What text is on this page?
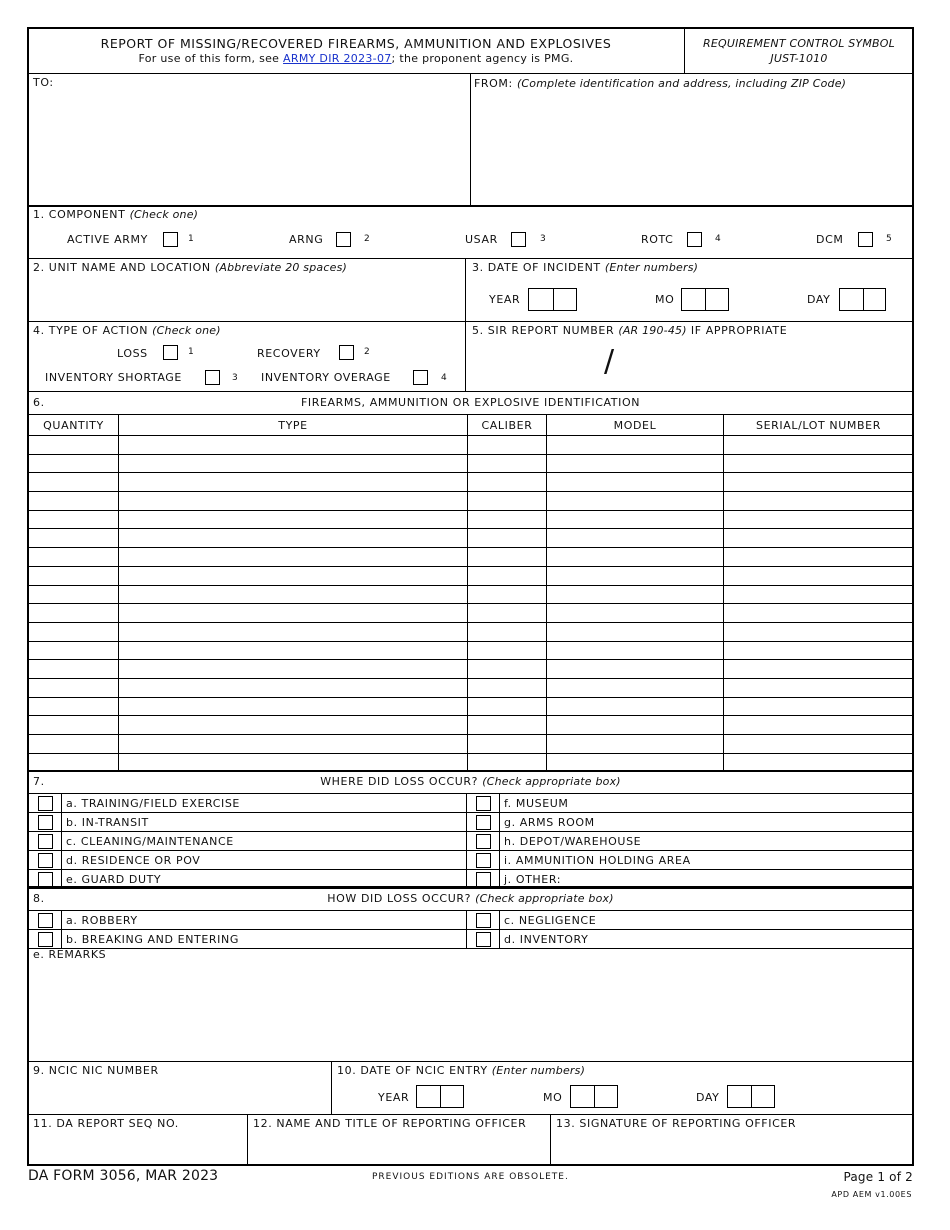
REPORT OF MISSING/RECOVERED FIREARMS, AMMUNITION AND EXPLOSIVES
For use of this form, see ARMY DIR 2023-07; the proponent agency is PMG.
REQUIREMENT CONTROL SYMBOL
JUST-1010
TO:	FROM: (Complete identification and address, including ZIP Code)
1. COMPONENT (Check one)
ACTIVE ARMY	1	ARNG	2	USAR	3	ROTC	4	DCM	5
2. UNIT NAME AND LOCATION (Abbreviate 20 spaces)	3. DATE OF INCIDENT (Enter numbers)
YEAR	MO	DAY
4. TYPE OF ACTION (Check one)
LOSS	1	RECOVERY	2
INVENTORY SHORTAGE	3 INVENTORY OVERAGE	4
5. SIR REPORT NUMBER (AR 190-45) IF APPROPRIATE
/
6.	FIREARMS, AMMUNITION OR EXPLOSIVE IDENTIFICATION
QUANTITY	TYPE	CALIBER	MODEL	SERIAL/LOT NUMBER

7.	WHERE DID LOSS OCCUR? (Check appropriate box)
	a. TRAINING/FIELD EXERCISE		f. MUSEUM
	b. IN-TRANSIT		g. ARMS ROOM
	c. CLEANING/MAINTENANCE		h. DEPOT/WAREHOUSE
	d. RESIDENCE OR POV		i. AMMUNITION HOLDING AREA
	e. GUARD DUTY		j. OTHER:
8.	HOW DID LOSS OCCUR? (Check appropriate box)
	a. ROBBERY		c. NEGLIGENCE
	b. BREAKING AND ENTERING		d. INVENTORY
e. REMARKS
9. NCIC NIC NUMBER	10. DATE OF NCIC ENTRY (Enter numbers)
YEAR	MO	DAY
11. DA REPORT SEQ NO.	12. NAME AND TITLE OF REPORTING OFFICER	13. SIGNATURE OF REPORTING OFFICER
DA FORM 3056, MAR 2023	PREVIOUS EDITIONS ARE OBSOLETE.	Page 1 of 2
APD AEM v1.00ES
